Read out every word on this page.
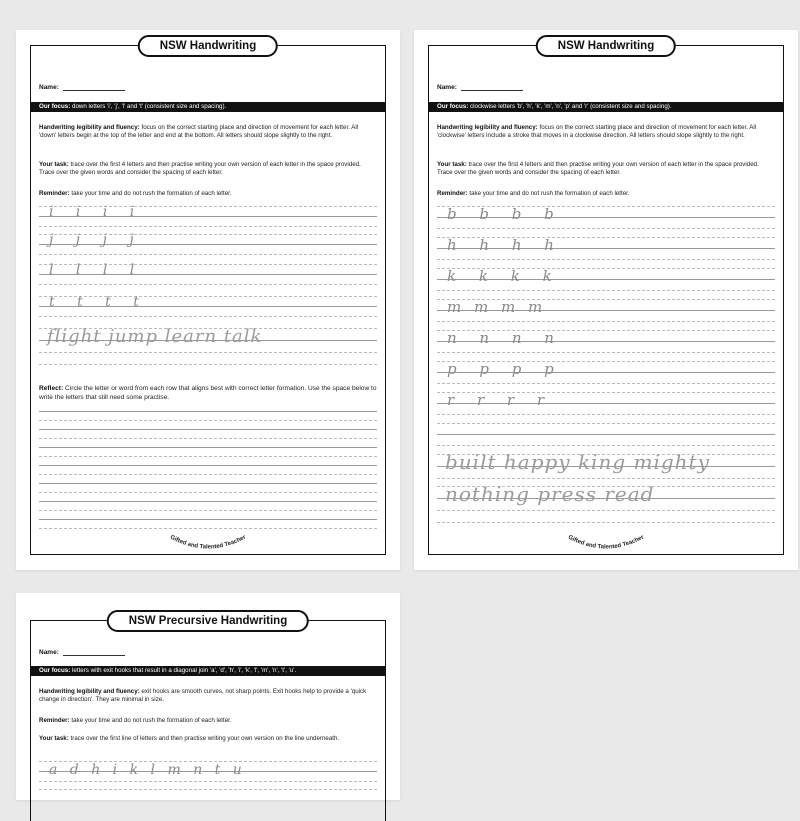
NSW Handwriting
Name:
Our focus: down letters 'i', 'j', 'l' and 't' (consistent size and spacing).
Handwriting legibility and fluency: focus on the correct starting place and direction of movement for each letter. All 'down' letters begin at the top of the letter and end at the bottom. All letters should slope slightly to the right.
Your task: trace over the first 4 letters and then practise writing your own version of each letter in the space provided. Trace over the given words and consider the spacing of each letter.
Reminder: take your time and do not rush the formation of each letter.
i i i i
j j j j
l l l l
t t t t
flight jump learn talk
Reflect: Circle the letter or word from each row that aligns best with correct letter formation. Use the space below to write the letters that still need some practise.
Gifted and Talented Teacher
NSW Handwriting
Name:
Our focus: clockwise letters 'b', 'h', 'k', 'm', 'n', 'p' and 'r' (consistent size and spacing).
Handwriting legibility and fluency: focus on the correct starting place and direction of movement for each letter. All 'clockwise' letters include a stroke that moves in a clockwise direction. All letters should slope slightly to the right.
Your task: trace over the first 4 letters and then practise writing your own version of each letter in the space provided. Trace over the given words and consider the spacing of each letter.
Reminder: take your time and do not rush the formation of each letter.
b b b b
h h h h
k k k k
m m m m
n n n n
p p p p
r r r r
built happy king mighty
nothing press read
Gifted and Talented Teacher
NSW Precursive Handwriting
Name:
Our focus: letters with exit hooks that result in a diagonal join 'a', 'd', 'h', 'i', 'k', 'l', 'm', 'n', 't', 'u'.
Handwriting legibility and fluency: exit hooks are smooth curves, not sharp points. Exit hooks help to provide a 'quick change in direction'. They are minimal in size.
Reminder: take your time and do not rush the formation of each letter.
Your task: trace over the first line of letters and then practise writing your own version on the line underneath.
a d h i k l m n t u
